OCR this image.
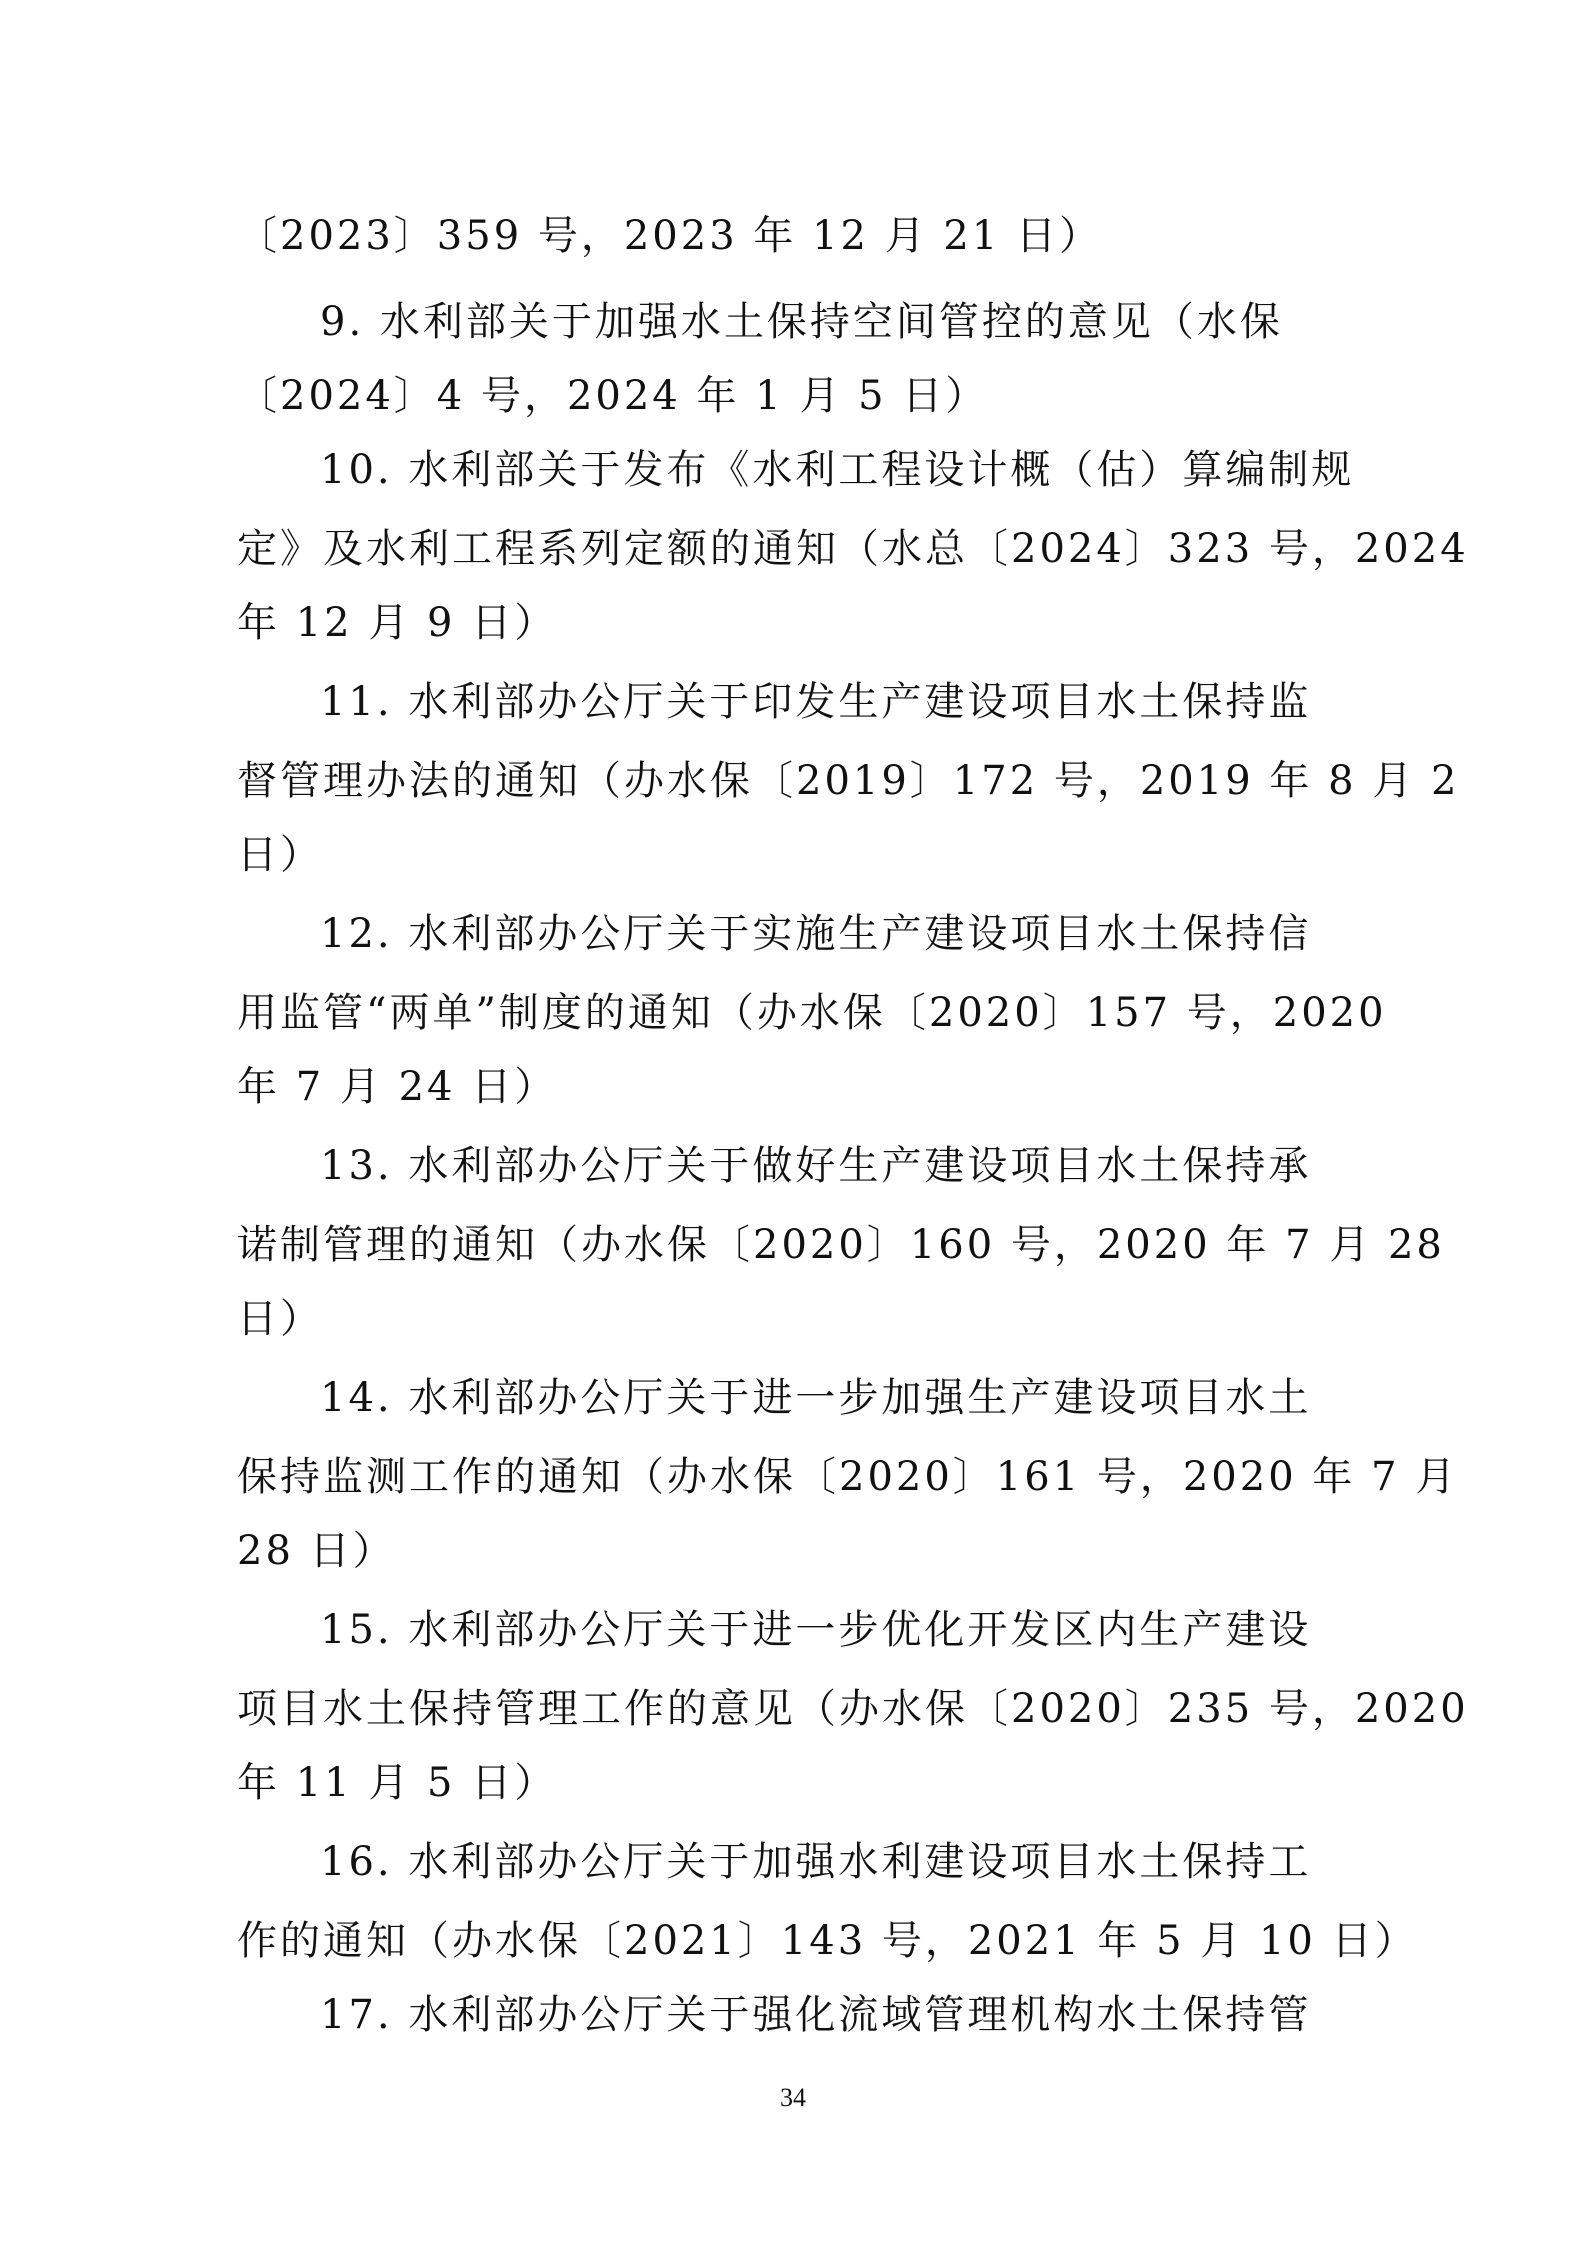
〔2023〕359 号，2023 年 12 月 21 日）
9. 水利部关于加强水土保持空间管控的意见（水保
〔2024〕4 号，2024 年 1 月 5 日）
10. 水利部关于发布《水利工程设计概（估）算编制规
定》及水利工程系列定额的通知（水总〔2024〕323 号，2024
年 12 月 9 日）
11. 水利部办公厅关于印发生产建设项目水土保持监
督管理办法的通知（办水保〔2019〕172 号，2019 年 8 月 2
日）
12. 水利部办公厅关于实施生产建设项目水土保持信
用监管“两单”制度的通知（办水保〔2020〕157 号，2020
年 7 月 24 日）
13. 水利部办公厅关于做好生产建设项目水土保持承
诺制管理的通知（办水保〔2020〕160 号，2020 年 7 月 28
日）
14. 水利部办公厅关于进一步加强生产建设项目水土
保持监测工作的通知（办水保〔2020〕161 号，2020 年 7 月
28 日）
15. 水利部办公厅关于进一步优化开发区内生产建设
项目水土保持管理工作的意见（办水保〔2020〕235 号，2020
年 11 月 5 日）
16. 水利部办公厅关于加强水利建设项目水土保持工
作的通知（办水保〔2021〕143 号，2021 年 5 月 10 日）
17. 水利部办公厅关于强化流域管理机构水土保持管
34
